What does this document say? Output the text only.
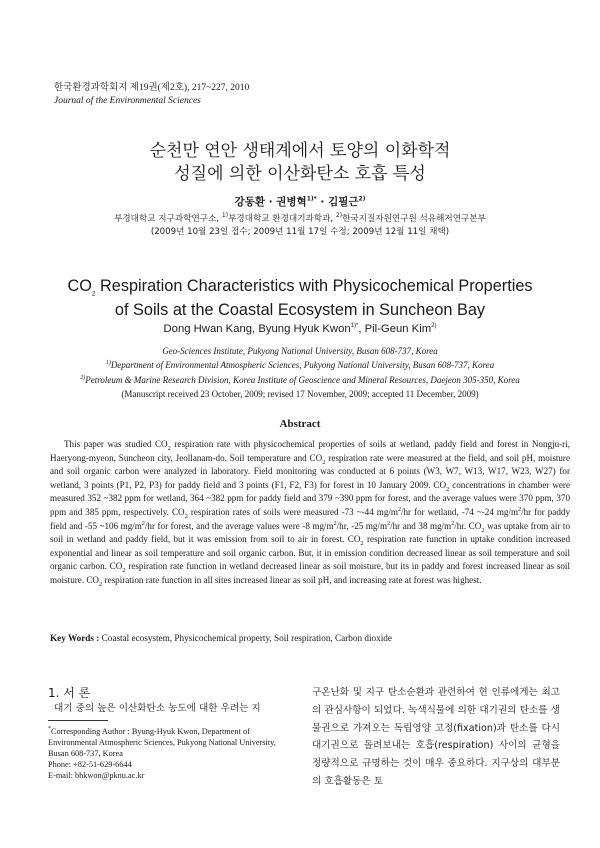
한국환경과학회지 제19권(제2호), 217~227, 2010
Journal of the Environmental Sciences
순천만 연안 생태계에서 토양의 이화학적
성질에 의한 이산화탄소 호흡 특성
강동환 · 권병혁$^{1)*}$ · 김필근$^{2)}$
부경대학교 지구과학연구소, $^{1)}$부경대학교 환경대기과학과, $^{2)}$한국지질자원연구원 석유해저연구본부
(2009년 10월 23일 접수; 2009년 11월 17일 수정; 2009년 12월 11일 채택)
$CO_2$ Respiration Characteristics with Physicochemical Properties
of Soils at the Coastal Ecosystem in Suncheon Bay
Dong Hwan Kang, Byung Hyuk Kwon$^{1)*}$, Pil-Geun Kim$^{2)}$
Geo-Sciences Institute, Pukyong National University, Busan 608-737, Korea
$^{1)}$Department of Environmental Atmospheric Sciences, Pukyong National University, Busan 608-737, Korea
$^{2)}$Petroleum & Marine Research Division, Korea Institute of Geoscience and Mineral Resources, Daejeon 305-350, Korea
(Manuscript received 23 October, 2009; revised 17 November, 2009; accepted 11 December, 2009)
Abstract
This paper was studied $CO_2$ respiration rate with physicochemical properties of soils at wetland, paddy field and forest in Nongju-ri, Haeryong-myeon, Suncheon city, Jeollanam-do. Soil temperature and $CO_2$ respiration rate were measured at the field, and soil pH, moisture and soil organic carbon were analyzed in laboratory. Field monitoring was conducted at 6 points (W3, W7, W13, W17, W23, W27) for wetland, 3 points (P1, P2, P3) for paddy field and 3 points (F1, F2, F3) for forest in 10 January 2009. $CO_2$ concentrations in chamber were measured 352 ~382 ppm for wetland, 364 ~382 ppm for paddy field and 379 ~390 ppm for forest, and the average values were 370 ppm, 370 ppm and 385 ppm, respectively. $CO_2$ respiration rates of soils were measured -73 ~-44 $mg/m^2/hr$ for wetland, -74 ~-24 $mg/m^2/hr$ for paddy field and -55 ~106 $mg/m^2/hr$ for forest, and the average values were -8 $mg/m^2/hr$, -25 $mg/m^2/hr$ and 38 $mg/m^2/hr$. $CO_2$ was uptake from air to soil in wetland and paddy field, but it was emission from soil to air in forest. $CO_2$ respiration rate function in uptake condition increased exponential and linear as soil temperature and soil organic carbon. But, it in emission condition decreased linear as soil temperature and soil organic carbon. $CO_2$ respiration rate function in wetland decreased linear as soil moisture, but its in paddy and forest increased linear as soil moisture. $CO_2$ respiration rate function in all sites increased linear as soil pH, and increasing rate at forest was highest.
Key Words : Coastal ecosystem, Physicochemical property, Soil respiration, Carbon dioxide
1. 서 론
대기 중의 높은 이산화탄소 농도에 대한 우려는 지
*Corresponding Author : Byung-Hyuk Kwon, Department of Environmental Atmospheric Sciences, Pukyong National University, Busan 608-737, Korea
Phone: +82-51-629-6644
E-mail: bhkwon@pknu.ac.kr
구온난화 및 지구 탄소순환과 관련하여 현 인류에게는 최고의 관심사항이 되었다. 녹색식물에 의한 대기권의 탄소를 생물권으로 가져오는 독립영양 고정(fixation)과 탄소를 다시 대기권으로 돌려보내는 호흡(respiration) 사이의 균형을 정량적으로 규명하는 것이 매우 중요하다. 지구상의 대부분의 호흡활동은 토
